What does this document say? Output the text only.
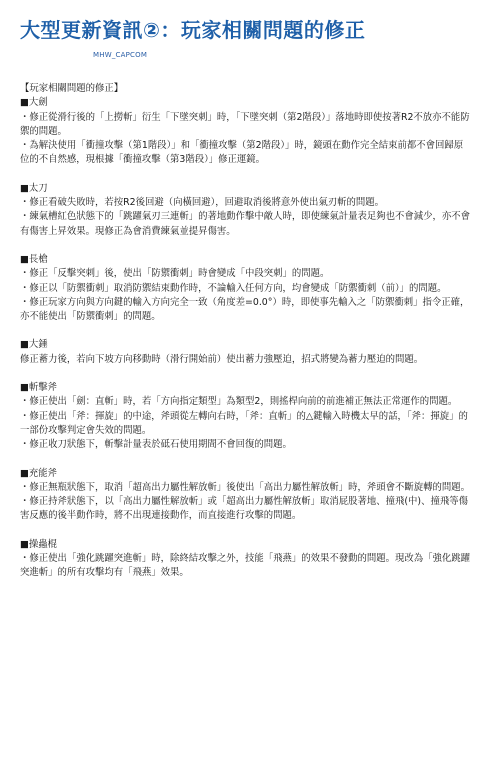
大型更新資訊②：玩家相關問題的修正
MHW_CAPCOM

【玩家相關問題的修正】

■大劍

・修正從滑行後的「上撈斬」衍生「下墜突刺」時，「下墜突刺（第2階段）」落地時即使按著R2不放亦不能防禦的問題。

・為解決使用「衝撞攻擊（第1階段）」和「衝撞攻擊（第2階段）」時，鏡頭在動作完全結束前都不會回歸原位的不自然感，現根據「衝撞攻擊（第3階段）」修正運鏡。

■太刀

・修正看破失敗時，若按R2後回避（向橫回避），回避取消後將意外使出氣刃斬的問題。

・練氣槽紅色狀態下的「跳躍氣刃三連斬」的著地動作擊中敵人時，即使練氣計量表足夠也不會減少，亦不會有傷害上昇效果。現修正為會消費練氣並提昇傷害。

■長槍

・修正「反擊突刺」後，使出「防禦衝刺」時會變成「中段突刺」的問題。

・修正以「防禦衝刺」取消防禦結束動作時，不論輸入任何方向，均會變成「防禦衝刺（前）」的問題。

・修正玩家方向與方向鍵的輸入方向完全一致（角度差=0.0°）時，即使事先輸入之「防禦衝刺」指令正確，亦不能使出「防禦衝刺」的問題。

■大錘

修正蓄力後，若向下坡方向移動時（滑行開始前）使出蓄力強壓迫，招式將變為蓄力壓迫的問題。

■斬擊斧

・修正使出「劍：直斬」時，若「方向指定類型」為類型2，則搖桿向前的前進補正無法正常運作的問題。

・修正使出「斧：揮旋」的中途，斧頭從左轉向右時，「斧：直斬」的△鍵輸入時機太早的話，「斧：揮旋」的一部份攻擊判定會失效的問題。

・修正收刀狀態下，斬擊計量表於砥石使用期間不會回復的問題。

■充能斧

・修正無瓶狀態下，取消「超高出力屬性解放斬」後使出「高出力屬性解放斬」時，斧頭會不斷旋轉的問題。

・修正持斧狀態下，以「高出力屬性解放斬」或「超高出力屬性解放斬」取消屁股著地、撞飛(中)、撞飛等傷害反應的後半動作時，將不出現連接動作，而直接進行攻擊的問題。

■操蟲棍

・修正使出「強化跳躍突進斬」時，除終結攻擊之外，技能「飛燕」的效果不發動的問題。現改為「強化跳躍突進斬」的所有攻擊均有「飛燕」效果。
